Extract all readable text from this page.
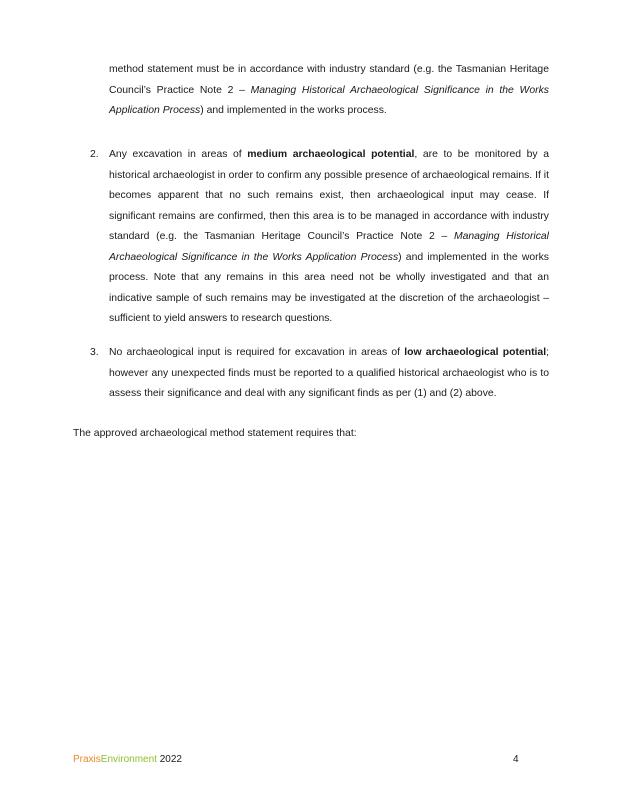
method statement must be in accordance with industry standard (e.g. the Tasmanian Heritage Council’s Practice Note 2 – Managing Historical Archaeological Significance in the Works Application Process) and implemented in the works process.

2. Any excavation in areas of medium archaeological potential, are to be monitored by a historical archaeologist in order to confirm any possible presence of archaeological remains. If it becomes apparent that no such remains exist, then archaeological input may cease. If significant remains are confirmed, then this area is to be managed in accordance with industry standard (e.g. the Tasmanian Heritage Council’s Practice Note 2 – Managing Historical Archaeological Significance in the Works Application Process) and implemented in the works process. Note that any remains in this area need not be wholly investigated and that an indicative sample of such remains may be investigated at the discretion of the archaeologist – sufficient to yield answers to research questions.

3. No archaeological input is required for excavation in areas of low archaeological potential; however any unexpected finds must be reported to a qualified historical archaeologist who is to assess their significance and deal with any significant finds as per (1) and (2) above.

The approved archaeological method statement requires that:

PraxisEnvironment 2022	4
